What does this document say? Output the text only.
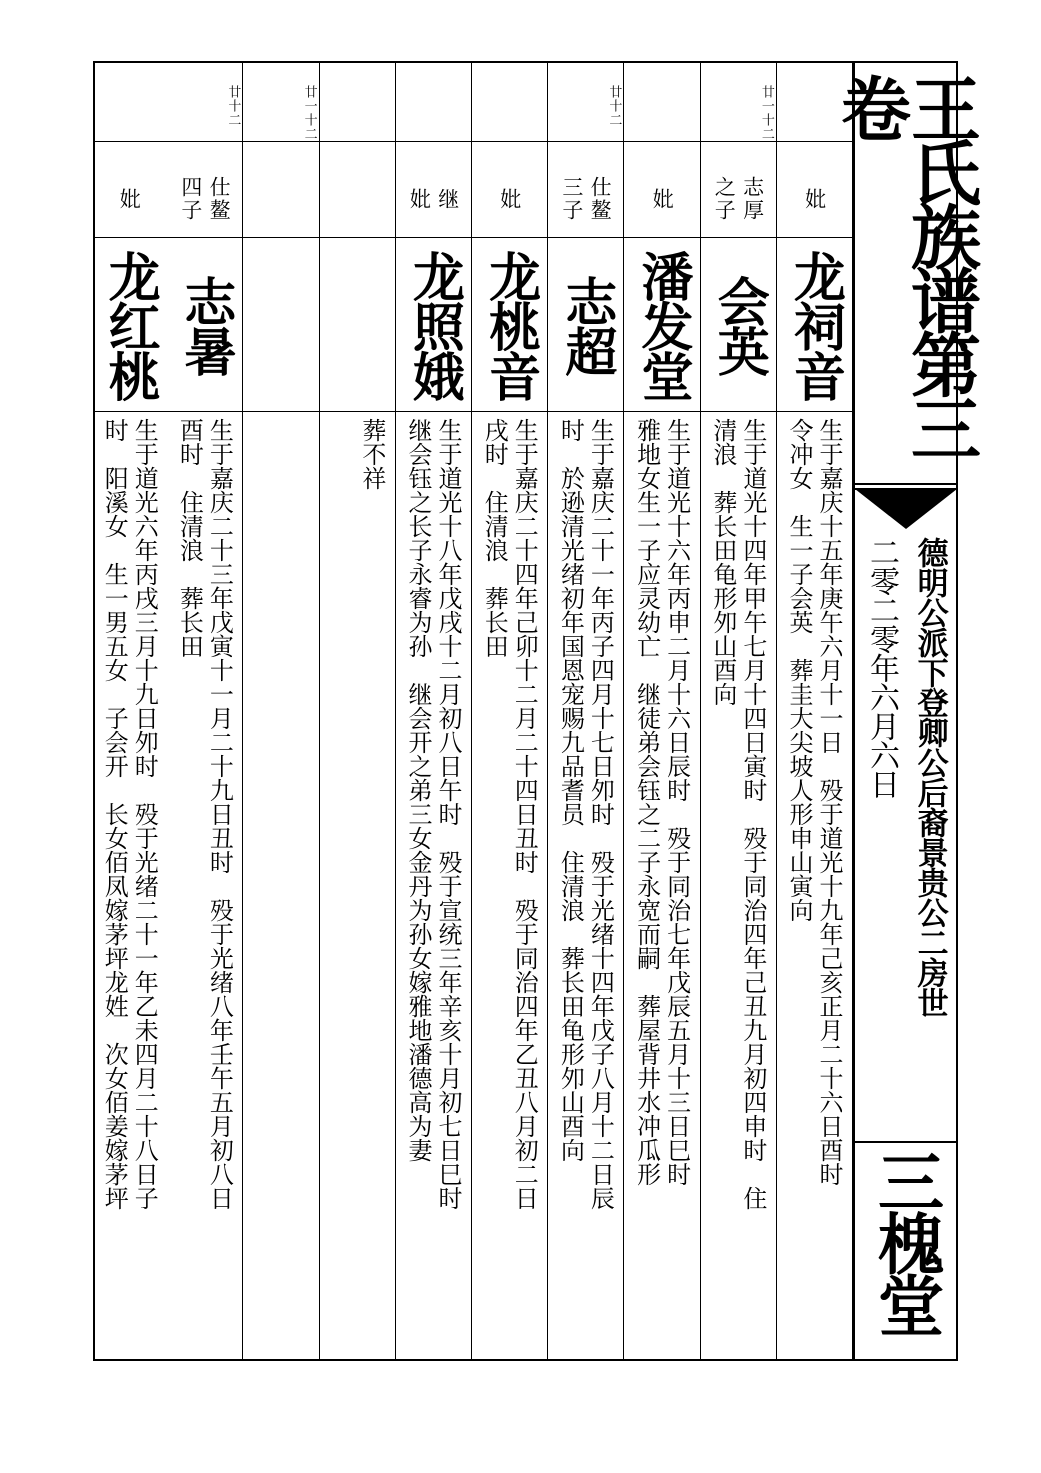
妣
龙祠音
生于嘉庆十五年庚午六月十一日　殁于道光十九年己亥正月二十六日酉时
令冲女　生一子会英　葬圭大尖坡人形申山寅向
廿一十二
志厚
之子
会英
生于道光十四年甲午七月十四日寅时　殁于同治四年己丑九月初四申时　住
清浪　葬长田龟形夘山酉向
妣
潘发堂
生于道光十六年丙申二月十六日辰时　殁于同治七年戊辰五月十三日巳时
雅地女生一子应灵幼亡　继徒弟会钰之二子永宽而嗣　葬屋背井水冲瓜形
廿十二
仕鳌
三子
志超
生于嘉庆二十一年丙子四月十七日夘时　殁于光绪十四年戊子八月十二日辰
时　於逊清光绪初年国恩宠赐九品耆员　住清浪　葬长田龟形夘山酉向
妣
龙桃音
生于嘉庆二十四年己卯十二月二十四日丑时　殁于同治四年乙丑八月初二日
戌时　住清浪　葬长田
继
妣
龙照娥
生于道光十八年戊戌十二月初八日午时　殁于宣统三年辛亥十月初七日巳时
继会钰之长子永睿为孙　继会开之弟三女金丹为孙女嫁雅地潘德高为妻
葬不祥
廿一十二
廿十二
仕鳌
四子
志暑
生于嘉庆二十三年戊寅十一月二十九日丑时　殁于光绪八年壬午五月初八日
酉时　住清浪　葬长田
妣
龙红桃
生于道光六年丙戌三月十九日夘时　殁于光绪二十一年乙未四月二十八日子
时　阳溪女　生一男五女　子会开　长女佰凤嫁茅坪龙姓　次女佰姜嫁茅坪
王氏族谱第三卷
德明公派下登卿公后裔景贵公二房世
二零二零年六月六日
三槐堂
